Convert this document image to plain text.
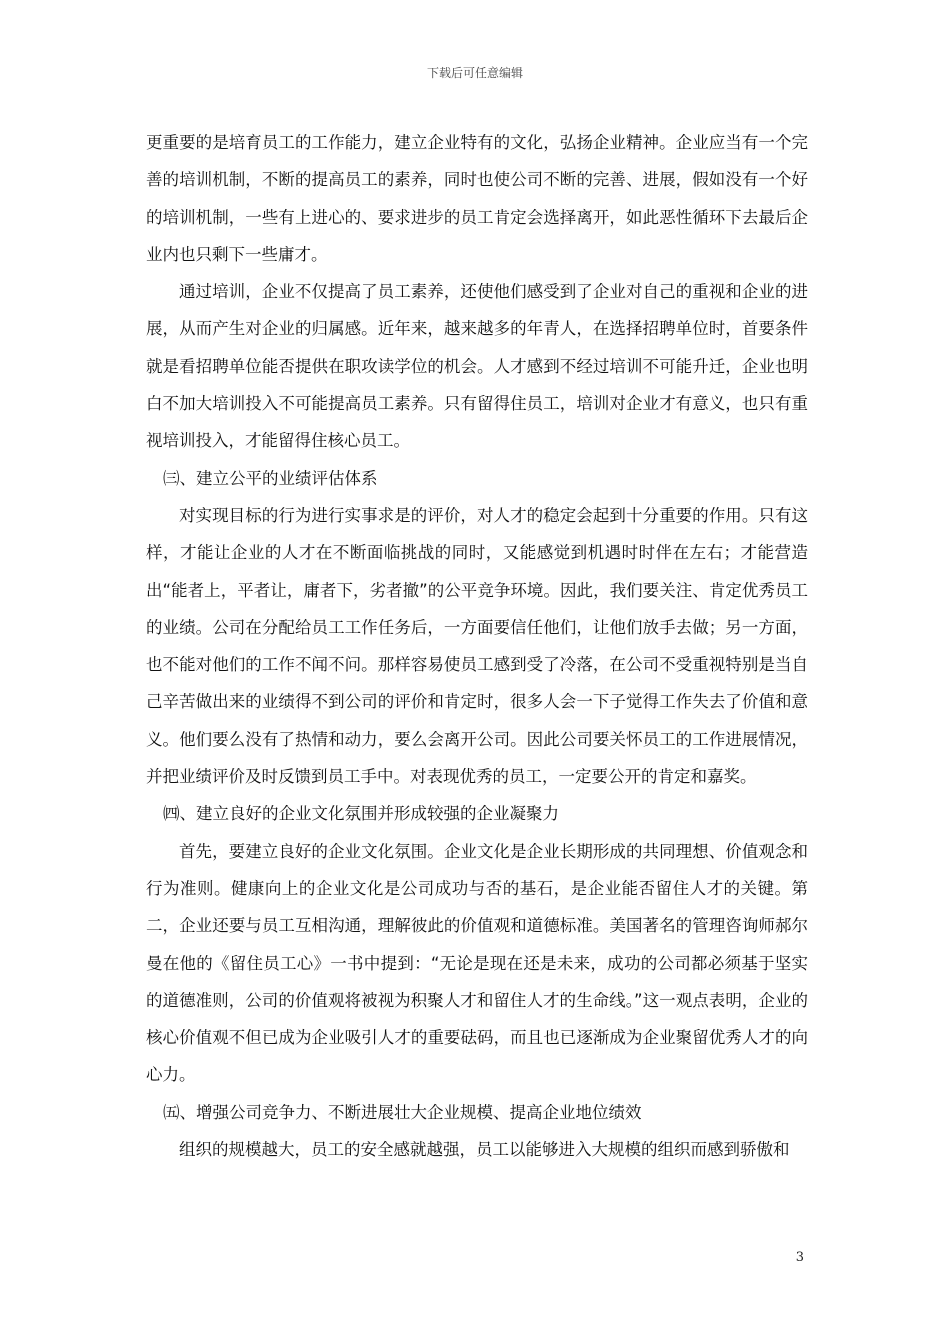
下载后可任意编辑

更重要的是培育员工的工作能力，建立企业特有的文化，弘扬企业精神。企业应当有一个完善的培训机制，不断的提高员工的素养，同时也使公司不断的完善、进展，假如没有一个好的培训机制，一些有上进心的、要求进步的员工肯定会选择离开，如此恶性循环下去最后企业内也只剩下一些庸才。

通过培训，企业不仅提高了员工素养，还使他们感受到了企业对自己的重视和企业的进展，从而产生对企业的归属感。近年来，越来越多的年青人，在选择招聘单位时，首要条件就是看招聘单位能否提供在职攻读学位的机会。人才感到不经过培训不可能升迁，企业也明白不加大培训投入不可能提高员工素养。只有留得住员工，培训对企业才有意义，也只有重视培训投入，才能留得住核心员工。

㈢、建立公平的业绩评估体系

对实现目标的行为进行实事求是的评价，对人才的稳定会起到十分重要的作用。只有这样，才能让企业的人才在不断面临挑战的同时，又能感觉到机遇时时伴在左右；才能营造出“能者上，平者让，庸者下，劣者撤”的公平竞争环境。因此，我们要关注、肯定优秀员工的业绩。公司在分配给员工工作任务后，一方面要信任他们，让他们放手去做；另一方面，也不能对他们的工作不闻不问。那样容易使员工感到受了冷落，在公司不受重视特别是当自己辛苦做出来的业绩得不到公司的评价和肯定时，很多人会一下子觉得工作失去了价值和意义。他们要么没有了热情和动力，要么会离开公司。因此公司要关怀员工的工作进展情况，并把业绩评价及时反馈到员工手中。对表现优秀的员工，一定要公开的肯定和嘉奖。

㈣、建立良好的企业文化氛围并形成较强的企业凝聚力

首先，要建立良好的企业文化氛围。企业文化是企业长期形成的共同理想、价值观念和行为准则。健康向上的企业文化是公司成功与否的基石，是企业能否留住人才的关键。第二，企业还要与员工互相沟通，理解彼此的价值观和道德标准。美国著名的管理咨询师郝尔曼在他的《留住员工心》一书中提到：“无论是现在还是未来，成功的公司都必须基于坚实的道德准则，公司的价值观将被视为积聚人才和留住人才的生命线。”这一观点表明，企业的核心价值观不但已成为企业吸引人才的重要砝码，而且也已逐渐成为企业聚留优秀人才的向心力。

㈤、增强公司竞争力、不断进展壮大企业规模、提高企业地位绩效

组织的规模越大，员工的安全感就越强，员工以能够进入大规模的组织而感到骄傲和

3
